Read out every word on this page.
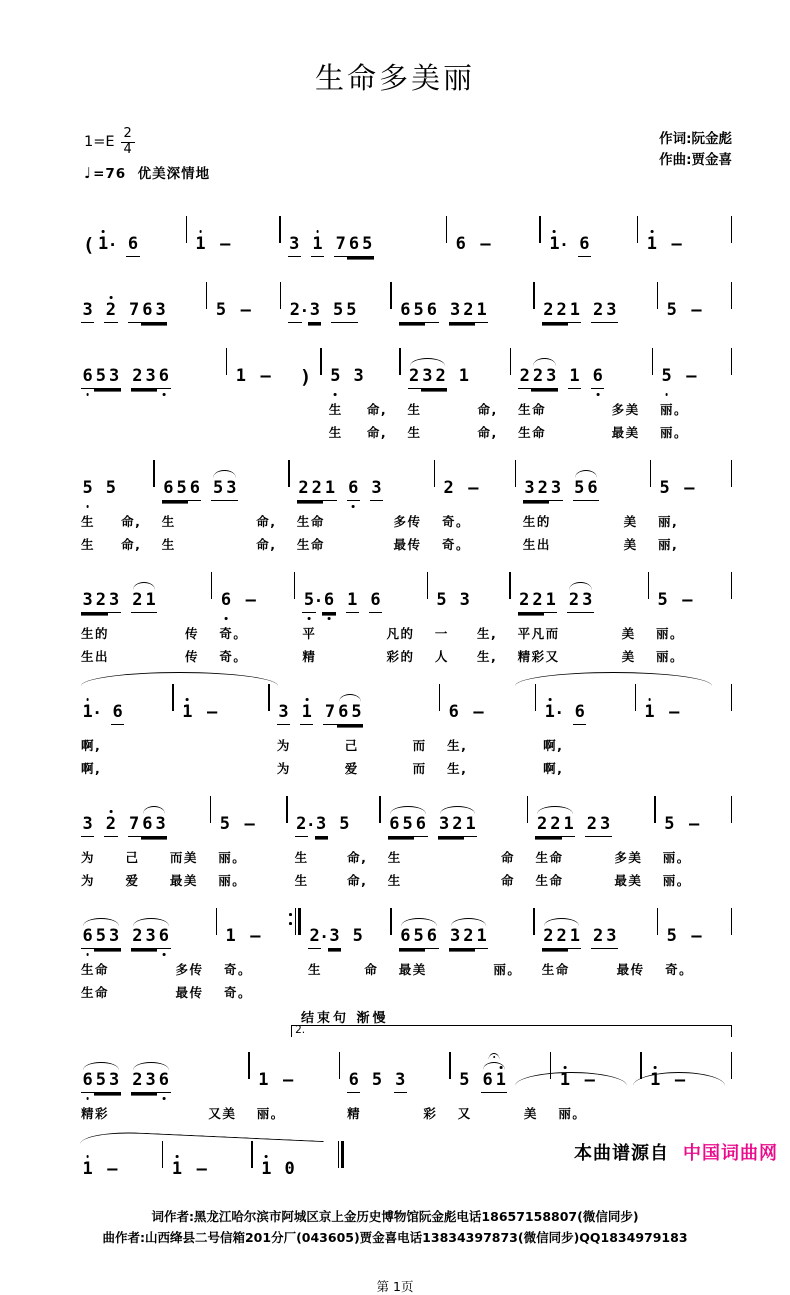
生命多美丽
$1=E \frac{2}{4}$
♩=76 优美深情地
作词:阮金彪
作曲:贾金喜
( 1 · 6	1 –	3 1 7 6 5	6 –	1 · 6	1 –
3 2 7 6 3	5 – 2 · 3 5 5	6 5 6 3 2 1	2 2 1 2 3	5 –
6 5 3 2 3 6

	1 – )

5 3
生 命,
生 命,
2 3 2 1
生	命,
生	命,
2 2 3 1 6
生命	多美
生命	最美
5 –
丽。
丽。
5 5
生 命,
生 命,
6 5 6 5 3
生	命,
生	命,
2 2 1 6 3
生命	多传
生命	最传
2 –
奇。
奇。
3 2 3 5 6
生的	美
生出	美
5 –
丽,
丽,
3 2 3 2 1
生的	传
生出	传
6 –
奇。
奇。
5 · 6 1 6
平	凡的
精	彩的
5 3
一 生,
人 生,
2 2 1 2 3
平凡而	美
精彩又	美
5 –
丽。
丽。
1 · 6
啊,
啊,
1 –

	3 1 7 6 5
为	己	而
为	爱	而
6 –
生,
生,
1 · 6
啊,
啊,
1 –

3 2 7 6 3
为 己 而美
为 爱 最美
5 –
丽。
丽。
2 · 3 5
生	命,
生	命,
6 5 6 3 2 1
生	命
生	命
2 2 1 2 3
生命	多美
生命	最美
5 –
丽。
丽。
6 5 3 2 3 6
生命	多传
生命	最传
1 –
奇。
奇。
2 · 3 5
生	命

6 5 6 3 2 1
最美	丽。

2 2 1 2 3
生命	最传

5 –
奇。

结束句 渐慢
2.
6 5 3 2 3 6
精彩	又美
1 –
丽。
6 5 3
精	彩
5 6 1
又	美
1 –
丽。
1 –

1 –	1 –	1 0
词作者:黑龙江哈尔滨市阿城区京上金历史博物馆阮金彪电话18657158807(微信同步)
曲作者:山西绛县二号信箱201分厂(043605)贾金喜电话13834397873(微信同步)QQ1834979183
第 1页
本曲谱源自 中国词曲网
